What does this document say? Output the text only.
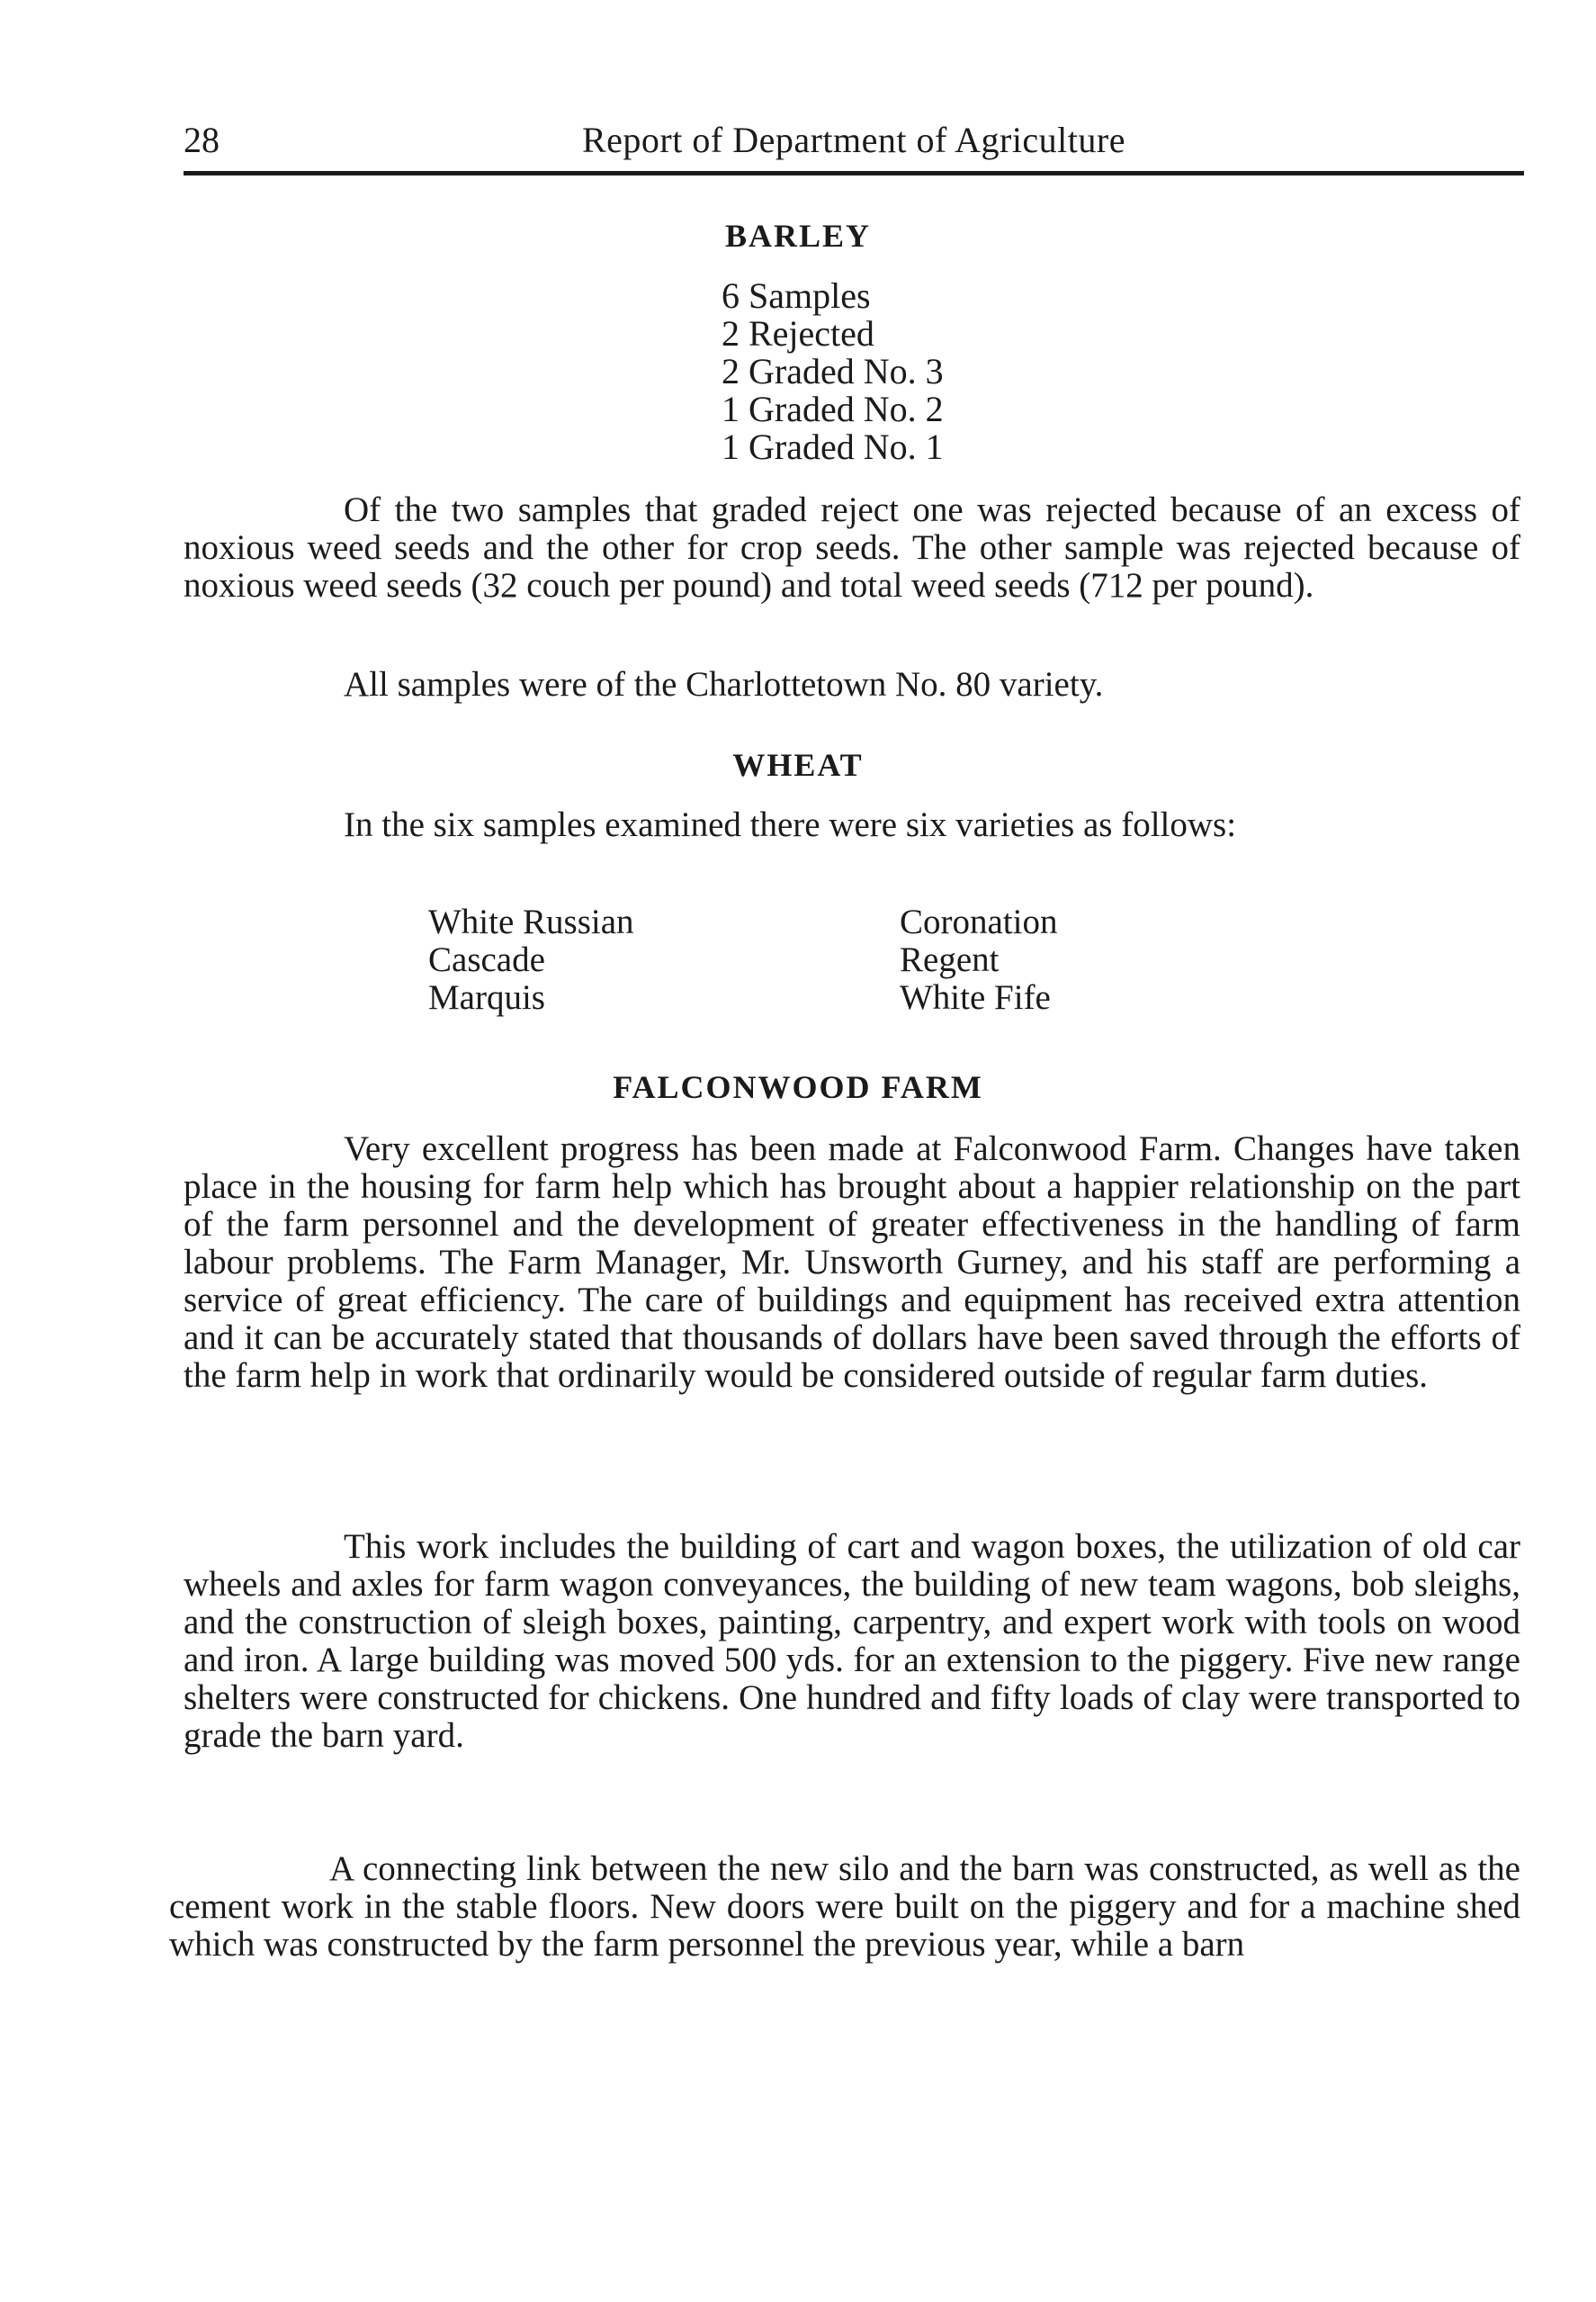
28	Report of Department of Agriculture
BARLEY
6 Samples
2 Rejected
2 Graded No. 3
1 Graded No. 2
1 Graded No. 1

Of the two samples that graded reject one was rejected because of an excess of noxious weed seeds and the other for crop seeds. The other sample was rejected because of noxious weed seeds (32 couch per pound) and total weed seeds (712 per pound).

All samples were of the Charlottetown No. 80 variety.

WHEAT

In the six samples examined there were six varieties as follows:

White Russian
Cascade
Marquis
Coronation
Regent
White Fife
FALCONWOOD FARM

Very excellent progress has been made at Falconwood Farm. Changes have taken place in the housing for farm help which has brought about a happier relationship on the part of the farm personnel and the development of greater effectiveness in the handling of farm labour problems. The Farm Manager, Mr. Unsworth Gurney, and his staff are performing a service of great efficiency. The care of buildings and equipment has received extra attention and it can be accurately stated that thousands of dollars have been saved through the efforts of the farm help in work that ordinarily would be considered outside of regular farm duties.

This work includes the building of cart and wagon boxes, the utilization of old car wheels and axles for farm wagon conveyances, the building of new team wagons, bob sleighs, and the construction of sleigh boxes, painting, carpentry, and expert work with tools on wood and iron. A large building was moved 500 yds. for an extension to the piggery. Five new range shelters were constructed for chickens. One hundred and fifty loads of clay were transported to grade the barn yard.

A connecting link between the new silo and the barn was constructed, as well as the cement work in the stable floors. New doors were built on the piggery and for a machine shed which was constructed by the farm personnel the previous year, while a barn
